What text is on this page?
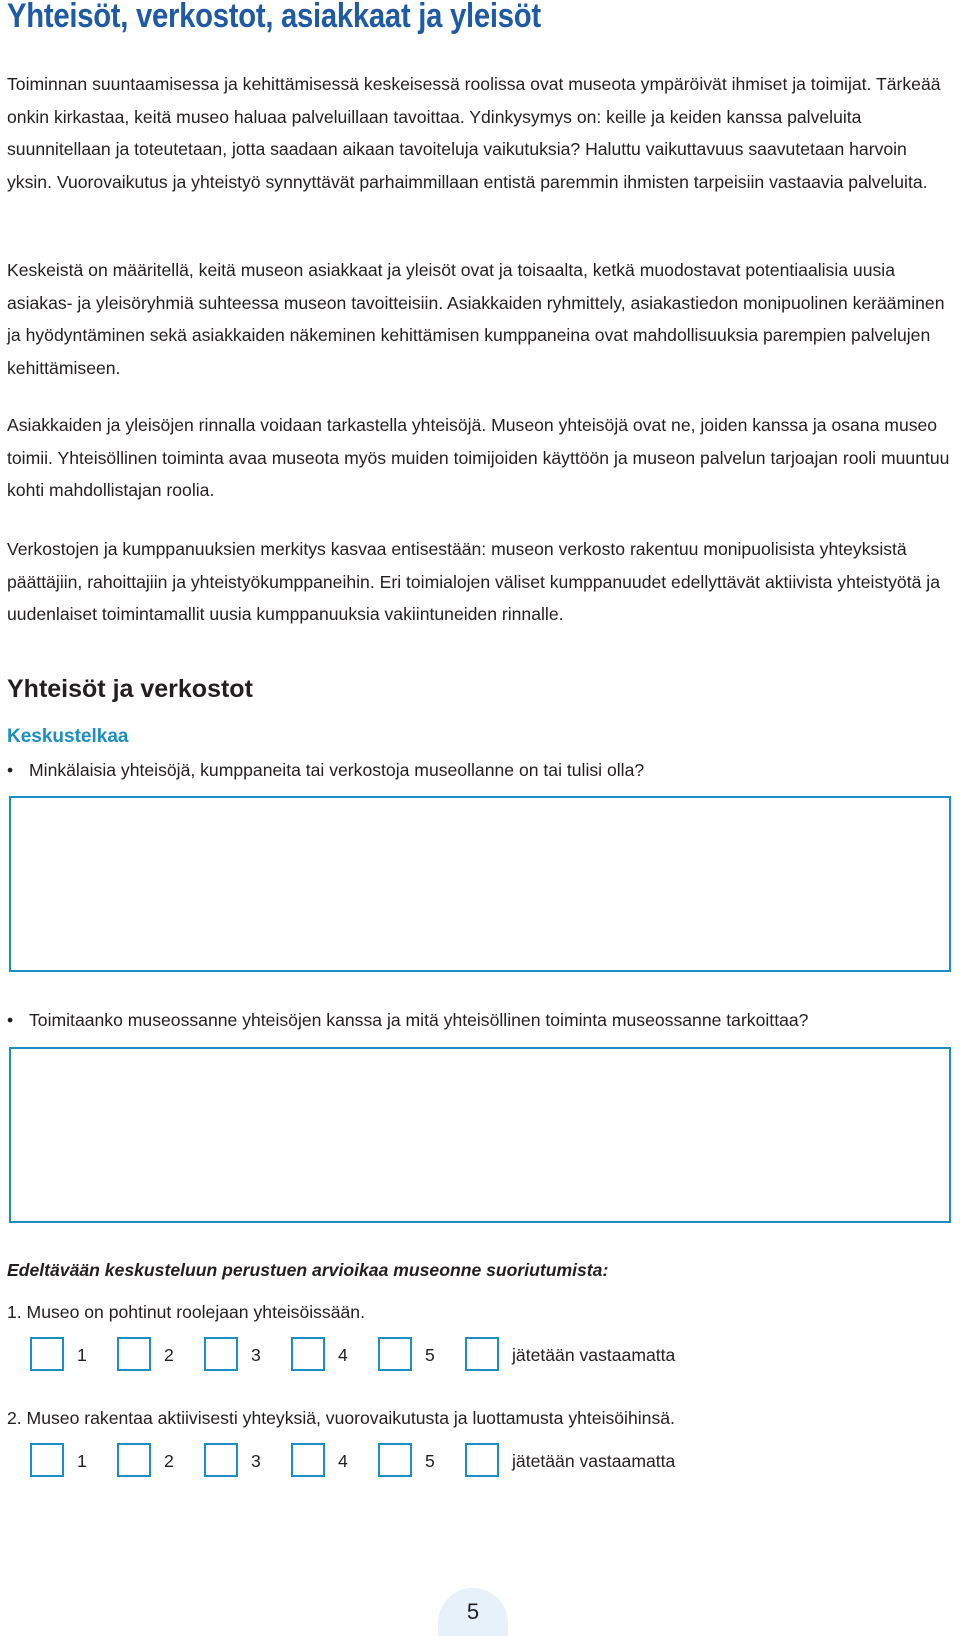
Yhteisöt, verkostot, asiakkaat ja yleisöt

Toiminnan suuntaamisessa ja kehittämisessä keskeisessä roolissa ovat museota ympäröivät ihmiset ja toimijat. Tärkeää onkin kirkastaa, keitä museo haluaa palveluillaan tavoittaa. Ydinkysymys on: keille ja keiden kanssa palveluita suunnitellaan ja toteutetaan, jotta saadaan aikaan tavoiteluja vaikutuksia? Haluttu vaikuttavuus saavutetaan harvoin yksin. Vuorovaikutus ja yhteistyö synnyttävät parhaimmillaan entistä paremmin ihmisten tarpeisiin vastaavia palveluita.

Keskeistä on määritellä, keitä museon asiakkaat ja yleisöt ovat ja toisaalta, ketkä muodostavat potentiaalisia uusia asiakas- ja yleisöryhmiä suhteessa museon tavoitteisiin. Asiakkaiden ryhmittely, asiakastiedon monipuolinen kerääminen ja hyödyntäminen sekä asiakkaiden näkeminen kehittämisen kumppaneina ovat mahdollisuuksia parempien palvelujen kehittämiseen.

Asiakkaiden ja yleisöjen rinnalla voidaan tarkastella yhteisöjä. Museon yhteisöjä ovat ne, joiden kanssa ja osana museo toimii. Yhteisöllinen toiminta avaa museota myös muiden toimijoiden käyttöön ja museon palvelun tarjoajan rooli muuntuu kohti mahdollistajan roolia.

Verkostojen ja kumppanuuksien merkitys kasvaa entisestään: museon verkosto rakentuu monipuolisista yhteyksistä päättäjiin, rahoittajiin ja yhteistyökumppaneihin. Eri toimialojen väliset kumppanuudet edellyttävät aktiivista yhteistyötä ja uudenlaiset toimintamallit uusia kumppanuuksia vakiintuneiden rinnalle.

Yhteisöt ja verkostot
Keskustelkaa
• Minkälaisia yhteisöjä, kumppaneita tai verkostoja museollanne on tai tulisi olla?
• Toimitaanko museossanne yhteisöjen kanssa ja mitä yhteisöllinen toiminta museossanne tarkoittaa?
Edeltävään keskusteluun perustuen arvioikaa museonne suoriutumista:
1. Museo on pohtinut roolejaan yhteisöissään.
1	2	3	4	5	jätetään vastaamatta
2. Museo rakentaa aktiivisesti yhteyksiä, vuorovaikutusta ja luottamusta yhteisöihinsä.
1	2	3	4	5	jätetään vastaamatta
5
